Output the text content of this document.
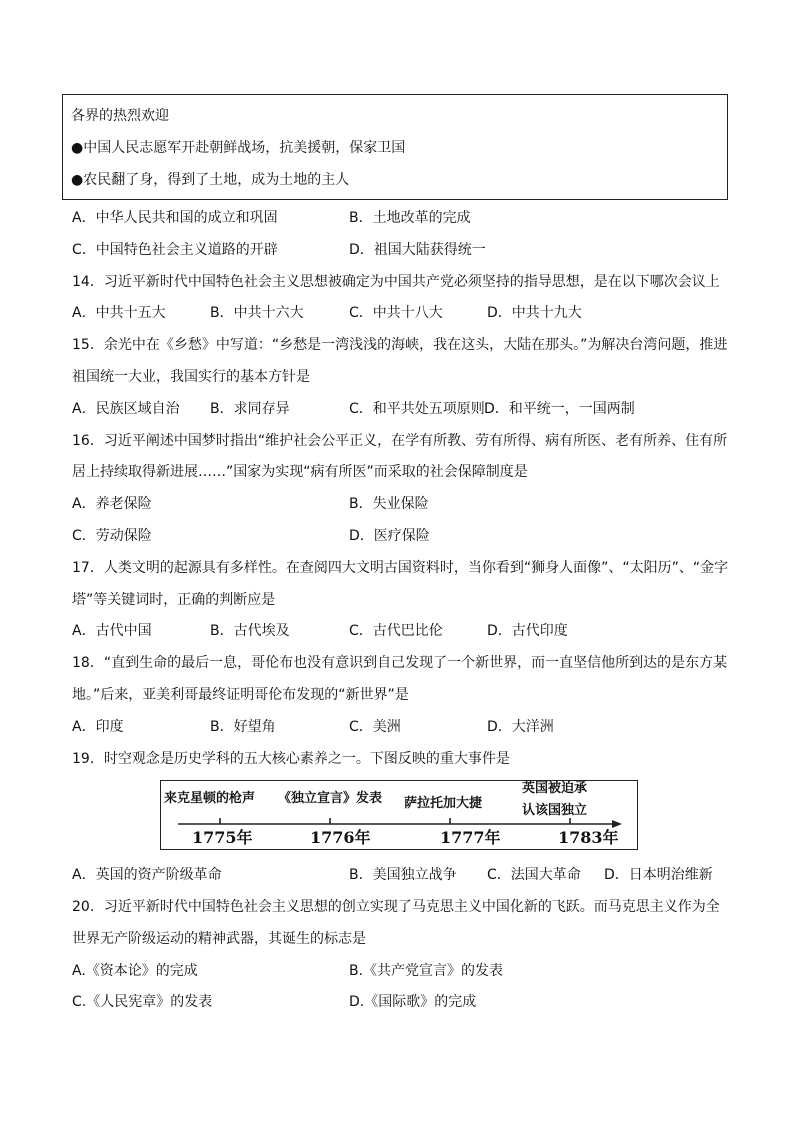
各界的热烈欢迎
●中国人民志愿军开赴朝鲜战场，抗美援朝，保家卫国
●农民翻了身，得到了土地，成为土地的主人
A．中华人民共和国的成立和巩固	B．土地改革的完成
C．中国特色社会主义道路的开辟	D．祖国大陆获得统一
14．习近平新时代中国特色社会主义思想被确定为中国共产党必须坚持的指导思想，是在以下哪次会议上
A．中共十五大	B．中共十六大	C．中共十八大	D．中共十九大
15．余光中在《乡愁》中写道：“乡愁是一湾浅浅的海峡，我在这头，大陆在那头。”为解决台湾问题，推进
祖国统一大业，我国实行的基本方针是
A．民族区域自治 B．求同存异	C．和平共处五项原则 D．和平统一，一国两制
16．习近平阐述中国梦时指出“维护社会公平正义，在学有所教、劳有所得、病有所医、老有所养、住有所
居上持续取得新进展……”国家为实现“病有所医”而采取的社会保障制度是
A．养老保险	B．失业保险
C．劳动保险	D．医疗保险
17．人类文明的起源具有多样性。在查阅四大文明古国资料时，当你看到“狮身人面像”、“太阳历”、“金字
塔”等关键词时，正确的判断应是
A．古代中国	B．古代埃及	C．古代巴比伦	D．古代印度
18．“直到生命的最后一息，哥伦布也没有意识到自己发现了一个新世界，而一直坚信他所到达的是东方某
地。”后来，亚美利哥最终证明哥伦布发现的“新世界”是
A．印度	B．好望角	C．美洲	D．大洋洲
19．时空观念是历史学科的五大核心素养之一。下图反映的重大事件是
来克星顿的枪声 《独立宣言》发表 萨拉托加大捷
英国被迫承
认该国独立
1775年	1776年	1777年	1783年
A．英国的资产阶级革命	B．美国独立战争 C．法国大革命 D．日本明治维新
20．习近平新时代中国特色社会主义思想的创立实现了马克思主义中国化新的飞跃。而马克思主义作为全
世界无产阶级运动的精神武器，其诞生的标志是
A.《资本论》的完成	B.《共产党宣言》的发表
C.《人民宪章》的发表	D.《国际歌》的完成
